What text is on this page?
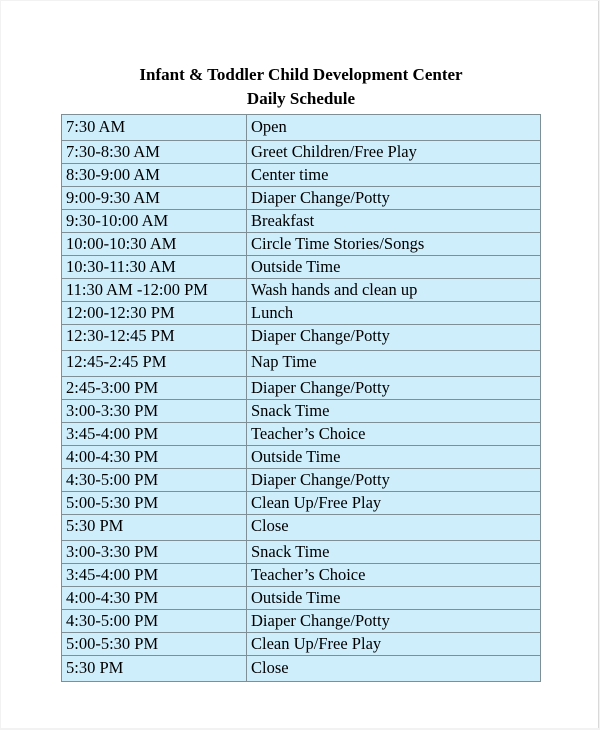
Infant & Toddler Child Development Center
Daily Schedule
7:30 AM	Open
7:30-8:30 AM	Greet Children/Free Play
8:30-9:00 AM	Center time
9:00-9:30 AM	Diaper Change/Potty
9:30-10:00 AM	Breakfast
10:00-10:30 AM	Circle Time Stories/Songs
10:30-11:30 AM	Outside Time
11:30 AM -12:00 PM	Wash hands and clean up
12:00-12:30 PM	Lunch
12:30-12:45 PM	Diaper Change/Potty
12:45-2:45 PM	Nap Time
2:45-3:00 PM	Diaper Change/Potty
3:00-3:30 PM	Snack Time
3:45-4:00 PM	Teacher’s Choice
4:00-4:30 PM	Outside Time
4:30-5:00 PM	Diaper Change/Potty
5:00-5:30 PM	Clean Up/Free Play
5:30 PM	Close
3:00-3:30 PM	Snack Time
3:45-4:00 PM	Teacher’s Choice
4:00-4:30 PM	Outside Time
4:30-5:00 PM	Diaper Change/Potty
5:00-5:30 PM	Clean Up/Free Play
5:30 PM	Close
